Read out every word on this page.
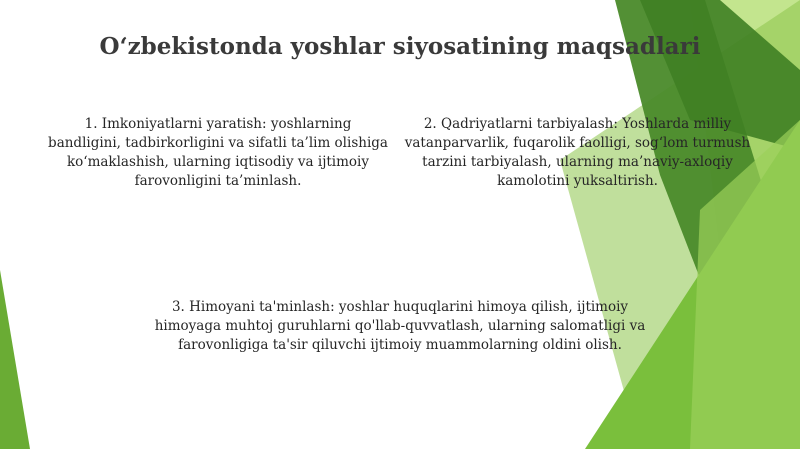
O‘zbekistonda yoshlar siyosatining maqsadlari

1. Imkoniyatlarni yaratish: yoshlarning bandligini, tadbirkorligini va sifatli ta’lim olishiga ko‘maklashish, ularning iqtisodiy va ijtimoiy farovonligini ta’minlash.

2. Qadriyatlarni tarbiyalash: Yoshlarda milliy vatanparvarlik, fuqarolik faolligi, sog‘lom turmush tarzini tarbiyalash, ularning ma’naviy-axloqiy kamolotini yuksaltirish.

3. Himoyani ta'minlash: yoshlar huquqlarini himoya qilish, ijtimoiy himoyaga muhtoj guruhlarni qo'llab-quvvatlash, ularning salomatligi va farovonligiga ta'sir qiluvchi ijtimoiy muammolarning oldini olish.
